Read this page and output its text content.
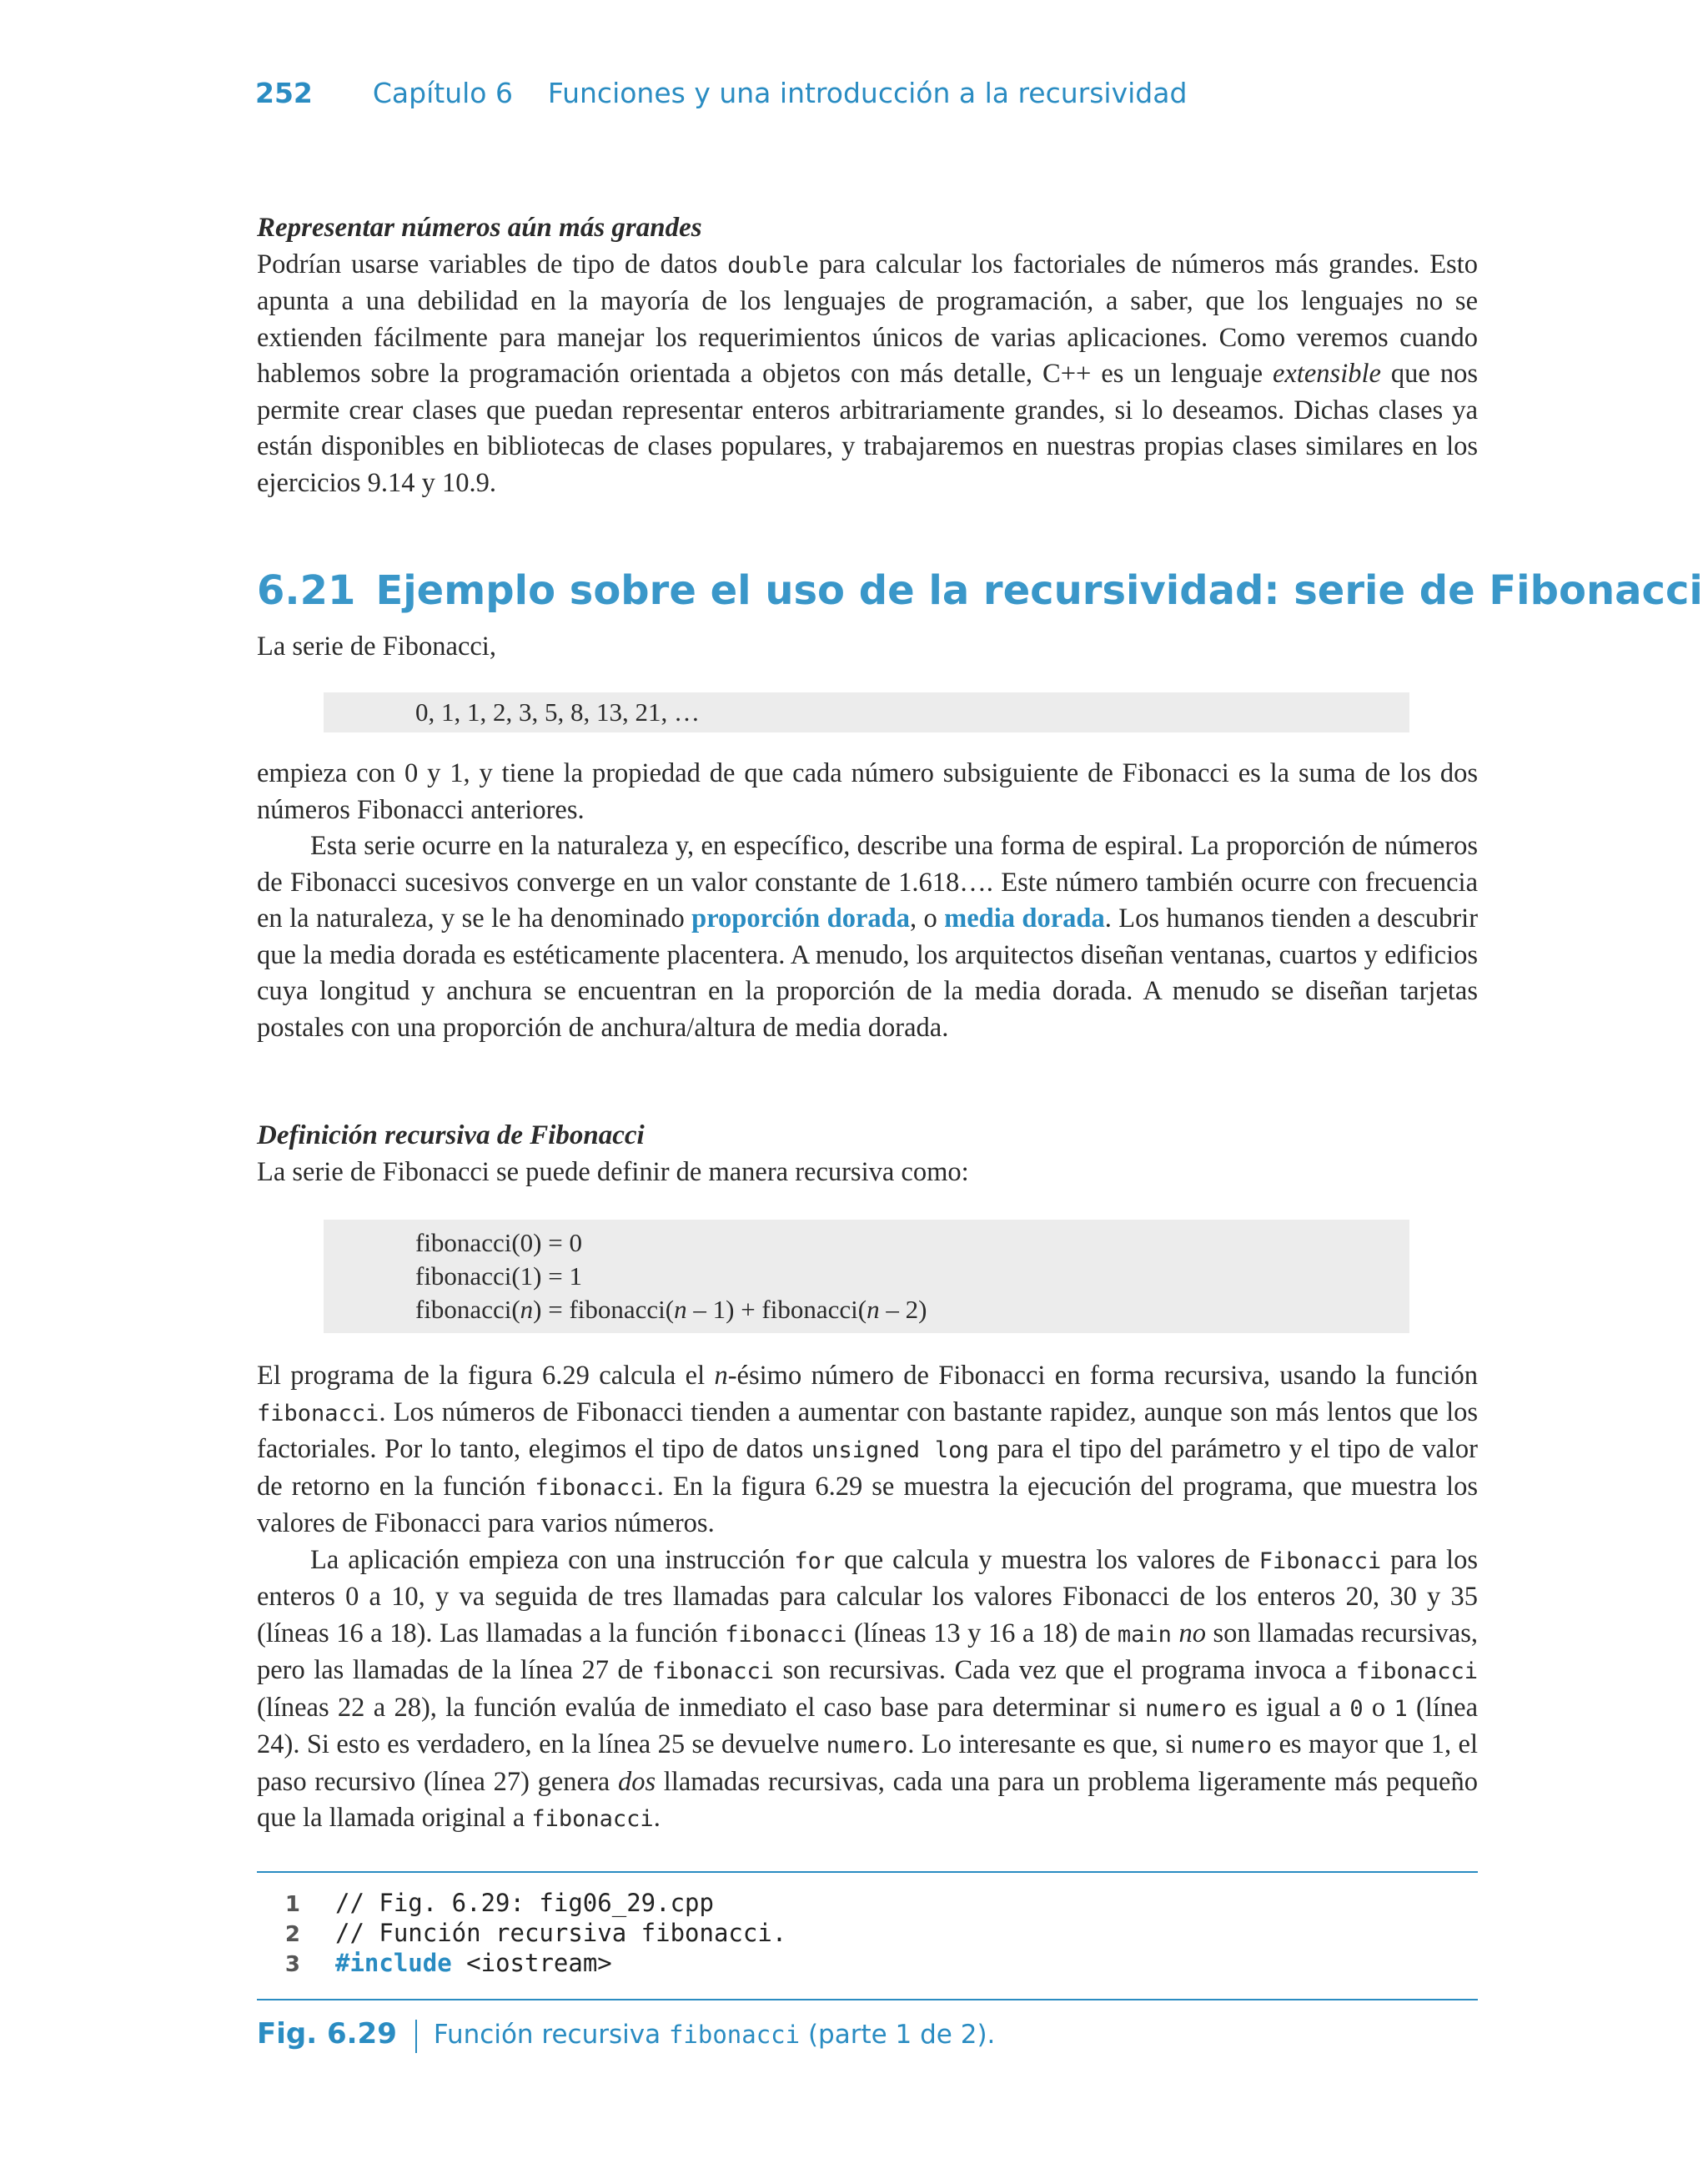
252 Capítulo 6    Funciones y una introducción a la recursividad
Representar números aún más grandes

Podrían usarse variables de tipo de datos double para calcular los factoriales de números más grandes. Esto apunta a una debilidad en la mayoría de los lenguajes de programación, a saber, que los lenguajes no se extienden fácilmente para manejar los requerimientos únicos de varias aplicaciones. Como veremos cuando hablemos sobre la programación orientada a objetos con más detalle, C++ es un lenguaje extensible que nos permite crear clases que puedan representar enteros arbitrariamente grandes, si lo deseamos. Dichas clases ya están disponibles en bibliotecas de clases populares, y trabajaremos en nuestras propias clases similares en los ejercicios 9.14 y 10.9.

6.21 Ejemplo sobre el uso de la recursividad: serie de Fibonacci

La serie de Fibonacci,

0, 1, 1, 2, 3, 5, 8, 13, 21, …

empieza con 0 y 1, y tiene la propiedad de que cada número subsiguiente de Fibonacci es la suma de los dos números Fibonacci anteriores.

Esta serie ocurre en la naturaleza y, en específico, describe una forma de espiral. La proporción de números de Fibonacci sucesivos converge en un valor constante de 1.618…. Este número también ocurre con frecuencia en la naturaleza, y se le ha denominado proporción dorada, o media dorada. Los humanos tienden a descubrir que la media dorada es estéticamente placentera. A menudo, los arquitectos diseñan ventanas, cuartos y edificios cuya longitud y anchura se encuentran en la proporción de la media dorada. A menudo se diseñan tarjetas postales con una proporción de anchura/altura de media dorada.

Definición recursiva de Fibonacci

La serie de Fibonacci se puede definir de manera recursiva como:

fibonacci(0) = 0
fibonacci(1) = 1
fibonacci(n) = fibonacci(n – 1) + fibonacci(n – 2)

El programa de la figura 6.29 calcula el n-ésimo número de Fibonacci en forma recursiva, usando la función fibonacci. Los números de Fibonacci tienden a aumentar con bastante rapidez, aunque son más lentos que los factoriales. Por lo tanto, elegimos el tipo de datos unsigned long para el tipo del parámetro y el tipo de valor de retorno en la función fibonacci. En la figura 6.29 se muestra la ejecución del programa, que muestra los valores de Fibonacci para varios números.

La aplicación empieza con una instrucción for que calcula y muestra los valores de Fibonacci para los enteros 0 a 10, y va seguida de tres llamadas para calcular los valores Fibonacci de los enteros 20, 30 y 35 (líneas 16 a 18). Las llamadas a la función fibonacci (líneas 13 y 16 a 18) de main no son llamadas recursivas, pero las llamadas de la línea 27 de fibonacci son recursivas. Cada vez que el programa invoca a fibonacci (líneas 22 a 28), la función evalúa de inmediato el caso base para determinar si numero es igual a 0 o 1 (línea 24). Si esto es verdadero, en la línea 25 se devuelve numero. Lo interesante es que, si numero es mayor que 1, el paso recursivo (línea 27) genera dos llamadas recursivas, cada una para un problema ligeramente más pequeño que la llamada original a fibonacci.

1 // Fig. 6.29: fig06_29.cpp
2 // Función recursiva fibonacci.
3 #include <iostream>
Fig. 6.29 Función recursiva fibonacci (parte 1 de 2).
